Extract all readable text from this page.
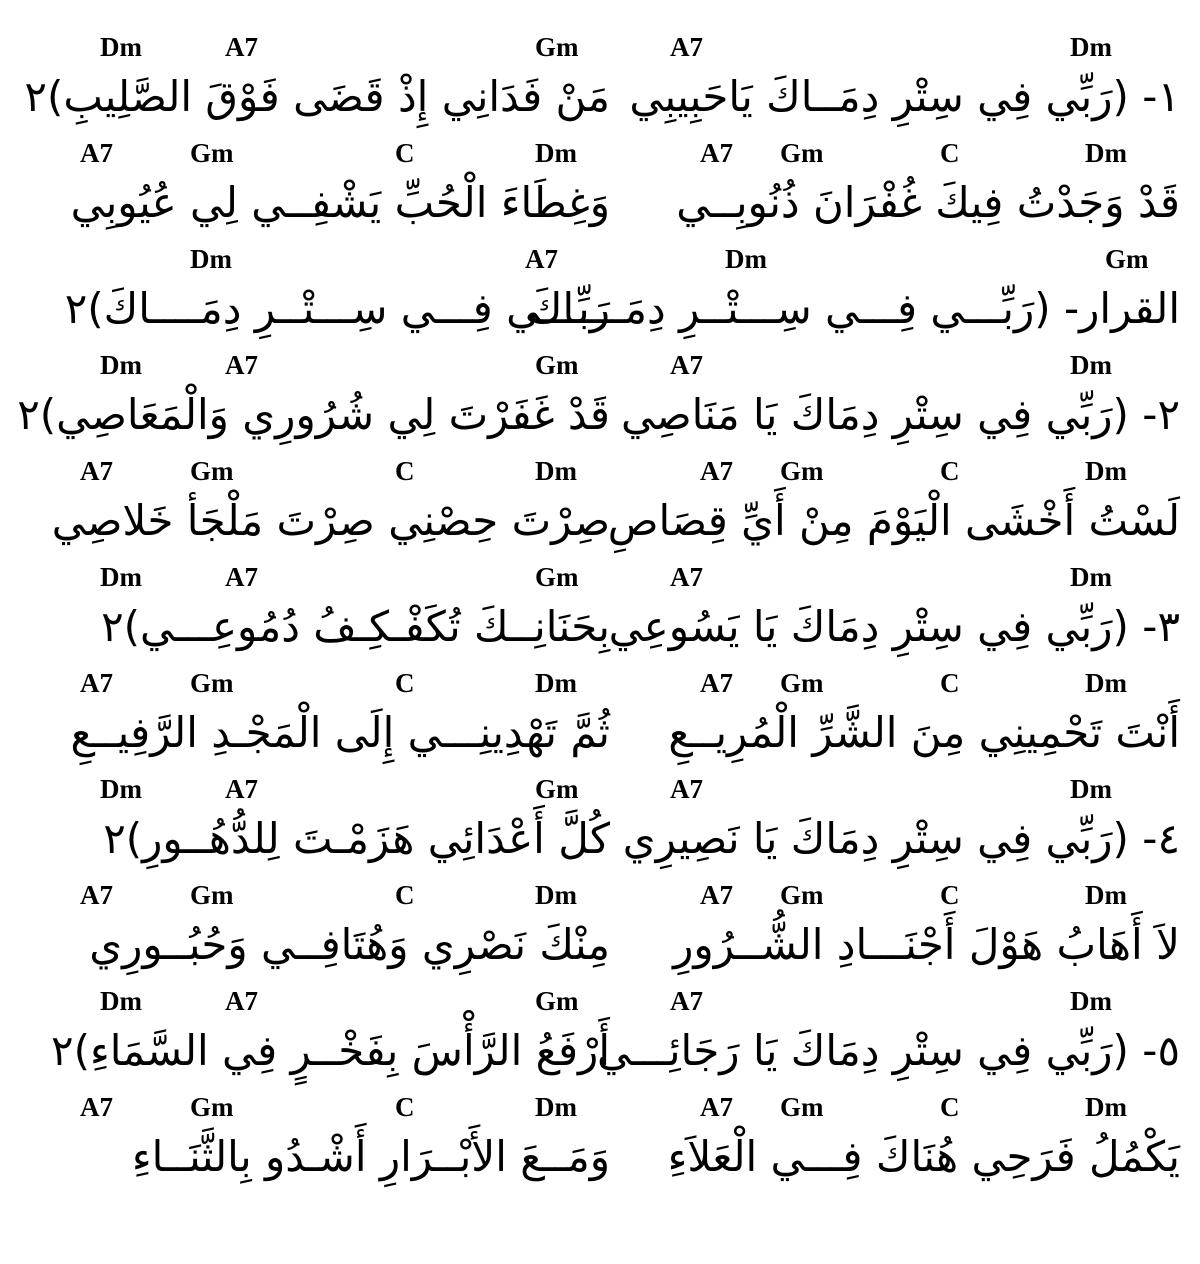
A7	Dm
١- (رَبِّي فِي سِتْرِ دِمَــاكَ يَاحَبِيبِي
A7 Gm	C	Dm
قَدْ وَجَدْتُ فِيكَ غُفْرَانَ ذُنُوبِــي
Dm	Gm
القرار- (رَبِّـــي فِـــي سِـــتْــرِ دِمَــــاكَ
A7	Dm
٢- (رَبِّي فِي سِتْرِ دِمَاكَ يَا مَنَاصِي
A7 Gm	C	Dm
لَسْتُ أَخْشَى الْيَوْمَ مِنْ أَيِّ قِصَاصِ
A7	Dm
٣- (رَبِّي فِي سِتْرِ دِمَاكَ يَا يَسُوعِي
A7 Gm	C	Dm
أَنْتَ تَحْمِينِي مِنَ الشَّرِّ الْمُرِيــعِ
A7	Dm
٤- (رَبِّي فِي سِتْرِ دِمَاكَ يَا نَصِيرِي
A7 Gm	C	Dm
لاَ أَهَابُ هَوْلَ أَجْنَـــادِ الشُّــرُورِ
A7	Dm
٥- (رَبِّي فِي سِتْرِ دِمَاكَ يَا رَجَائِـــي
A7 Gm	C	Dm
يَكْمُلُ فَرَحِي هُنَاكَ فِـــي الْعَلاَءِ
Dm	A7	Gm
مَنْ فَدَانِي إِذْ قَضَى فَوْقَ الصَّلِيبِ)٢
A7	Gm	C	Dm
وَغِطَاءَ الْحُبِّ يَشْفِــي لِي عُيُوبِي
Dm	A7
رَبِّـــي فِـــي سِـــتْــرِ دِمَــــاكَ)٢
Dm	A7	Gm
قَدْ غَفَرْتَ لِي شُرُورِي وَالْمَعَاصِي)٢
A7	Gm	C	Dm
صِرْتَ حِصْنِي صِرْتَ مَلْجَأ خَلاصِي
Dm	A7	Gm
بِحَنَانِــكَ تُكَفْـكِـفُ دُمُوعِـــي)٢
A7	Gm	C	Dm
ثُمَّ تَهْدِينِـــي إِلَى الْمَجْـدِ الرَّفِيــعِ
Dm	A7	Gm
كُلَّ أَعْدَائِي هَزَمْـتَ لِلدُّهُــورِ)٢
A7	Gm	C	Dm
مِنْكَ نَصْرِي وَهُتَافِــي وَحُبُــورِي
Dm	A7	Gm
أَرْفَعُ الرَّأْسَ بِفَخْــرٍ فِي السَّمَاءِ)٢
A7	Gm	C	Dm
وَمَــعَ الأَبْــرَارِ أَشْـدُو بِالثَّنَــاءِ
